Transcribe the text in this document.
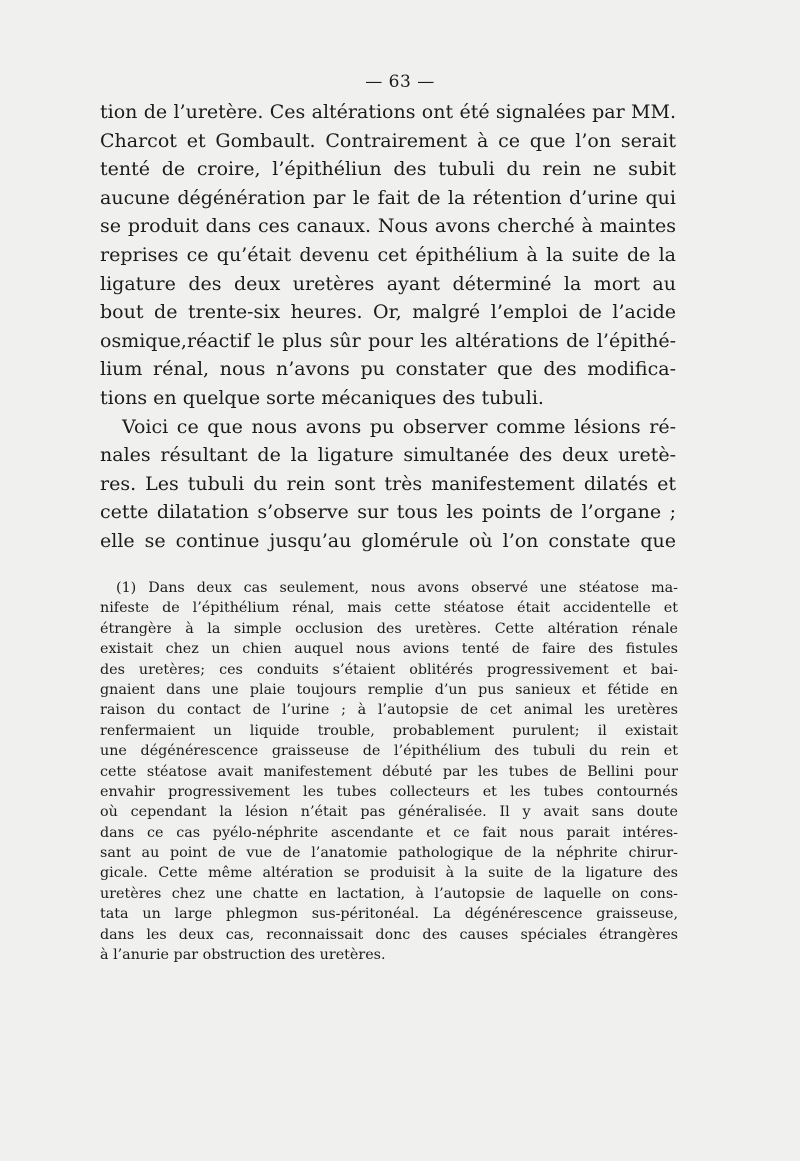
— 63 —
tion de l’uretère. Ces altérations ont été signalées par MM.
Charcot et Gombault. Contrairement à ce que l’on serait
tenté de croire, l’épithéliun des tubuli du rein ne subit
aucune dégénération par le fait de la rétention d’urine qui
se produit dans ces canaux. Nous avons cherché à maintes
reprises ce qu’était devenu cet épithélium à la suite de la
ligature des deux uretères ayant déterminé la mort au
bout de trente-six heures. Or, malgré l’emploi de l’acide
osmique,réactif le plus sûr pour les altérations de l’épithé-
lium rénal, nous n’avons pu constater que des modifica-
tions en quelque sorte mécaniques des tubuli.
Voici ce que nous avons pu observer comme lésions ré-
nales résultant de la ligature simultanée des deux uretè-
res. Les tubuli du rein sont très manifestement dilatés et
cette dilatation s’observe sur tous les points de l’organe ;
elle se continue jusqu’au glomérule où l’on constate que
(1) Dans deux cas seulement, nous avons observé une stéatose ma-
nifeste de l’épithélium rénal, mais cette stéatose était accidentelle et
étrangère à la simple occlusion des uretères. Cette altération rénale
existait chez un chien auquel nous avions tenté de faire des fistules
des uretères; ces conduits s’étaient oblitérés progressivement et bai-
gnaient dans une plaie toujours remplie d’un pus sanieux et fétide en
raison du contact de l’urine ; à l’autopsie de cet animal les uretères
renfermaient un liquide trouble, probablement purulent; il existait
une dégénérescence graisseuse de l’épithélium des tubuli du rein et
cette stéatose avait manifestement débuté par les tubes de Bellini pour
envahir progressivement les tubes collecteurs et les tubes contournés
où cependant la lésion n’était pas généralisée. Il y avait sans doute
dans ce cas pyélo-néphrite ascendante et ce fait nous parait intéres-
sant au point de vue de l’anatomie pathologique de la néphrite chirur-
gicale. Cette même altération se produisit à la suite de la ligature des
uretères chez une chatte en lactation, à l’autopsie de laquelle on cons-
tata un large phlegmon sus-péritonéal. La dégénérescence graisseuse,
dans les deux cas, reconnaissait donc des causes spéciales étrangères
à l’anurie par obstruction des uretères.
